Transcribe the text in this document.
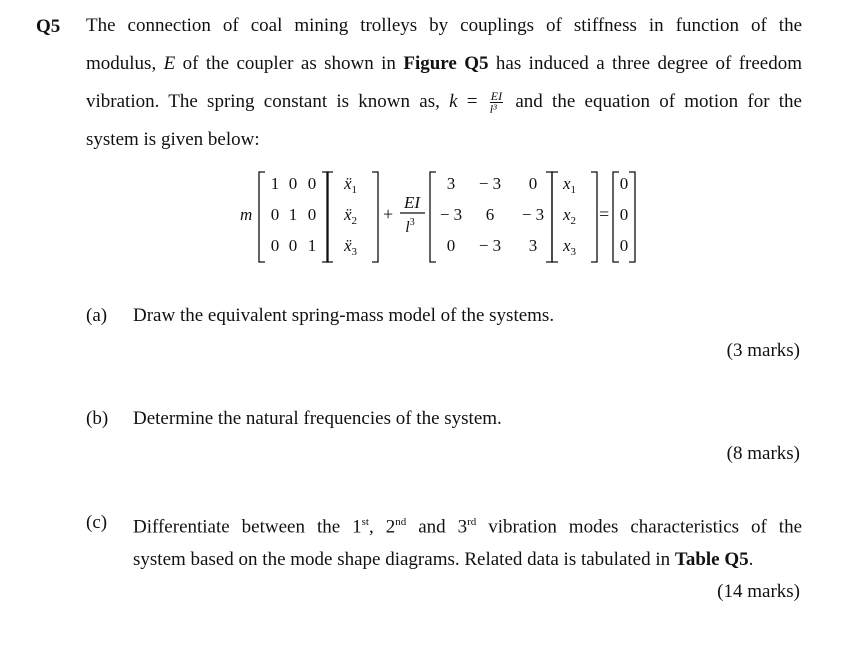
Q5 The connection of coal mining trolleys by couplings of stiffness in function of the
modulus, E of the coupler as shown in Figure Q5 has induced a three degree of freedom
vibration. The spring constant is known as, $k = \frac{EI}{\text{l³}}$ and the equation of motion for the
system is given below:
m
1 0 0
0 1 0
0 0 1
ẍ$_1$
ẍ$_2$
ẍ$_3$
+
EI
$l^3$
3 − 3 0
− 3 6 − 3
0 − 3 3
$x_1$
$x_2$
$x_3$
=
0
0
0
(a) Draw the equivalent spring-mass model of the systems.
(3 marks)
(b) Determine the natural frequencies of the system.
(8 marks)
(c) Differentiate between the 1st, 2nd and 3rd vibration modes characteristics of the
system based on the mode shape diagrams. Related data is tabulated in Table Q5.
(14 marks)
